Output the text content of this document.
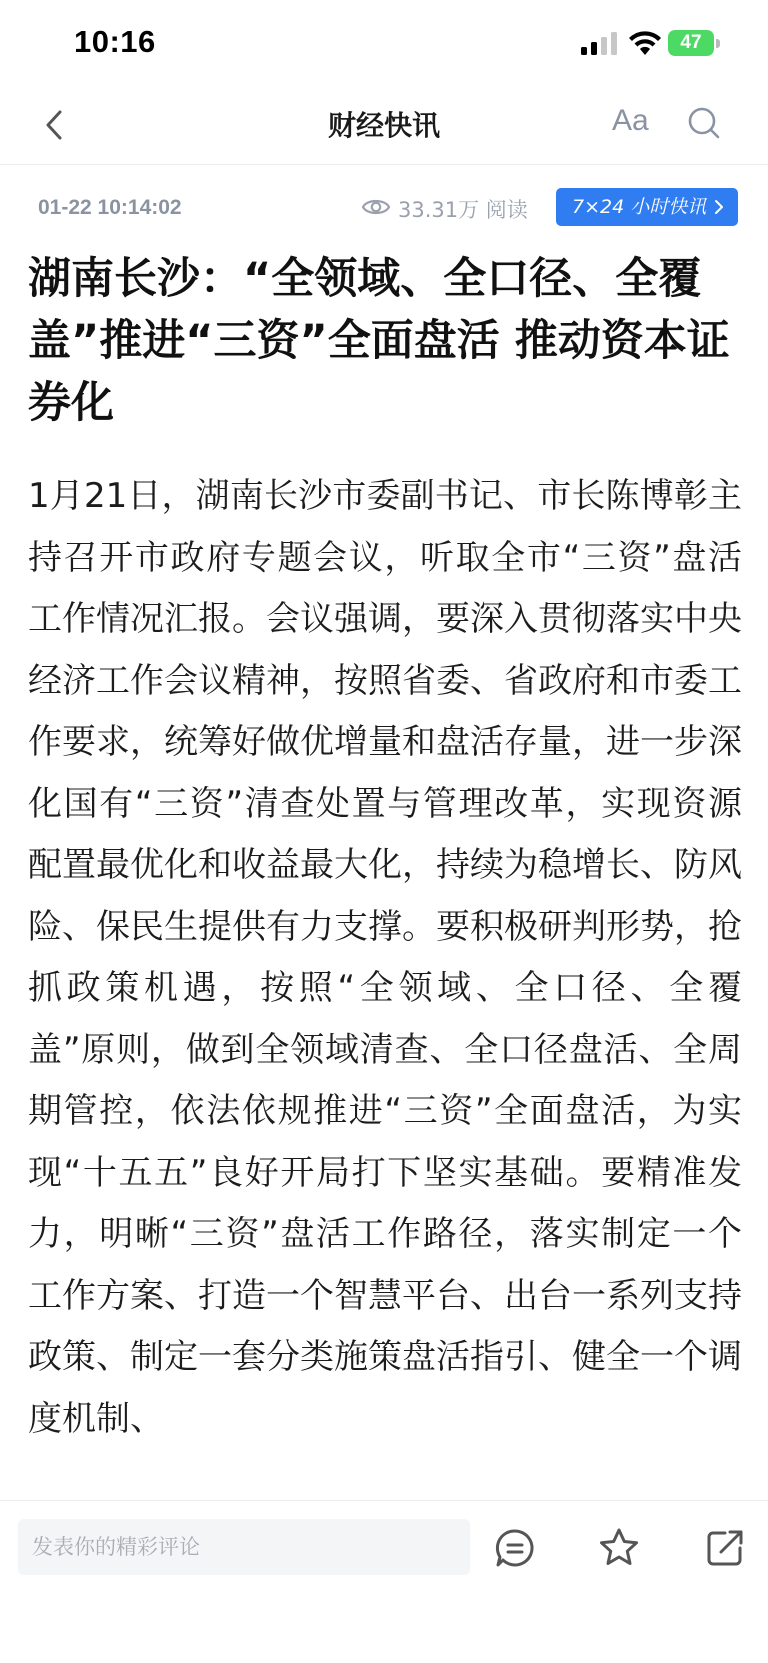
10:16	47
财经快讯	Aa
01-22 10:14:02	33.31万 阅读	7×24 小时快讯
湖南长沙：“全领域、全口径、全覆盖”推进“三资”全面盘活 推动资本证券化

1月21日，湖南长沙市委副书记、市长陈博彰主持召开市政府专题会议，听取全市“三资”盘活工作情况汇报。会议强调，要深入贯彻落实中央经济工作会议精神，按照省委、省政府和市委工作要求，统筹好做优增量和盘活存量，进一步深化国有“三资”清查处置与管理改革，实现资源配置最优化和收益最大化，持续为稳增长、防风险、保民生提供有力支撑。要积极研判形势，抢抓政策机遇，按照“全领域、全口径、全覆盖”原则，做到全领域清查、全口径盘活、全周期管控，依法依规推进“三资”全面盘活，为实现“十五五”良好开局打下坚实基础。要精准发力，明晰“三资”盘活工作路径，落实制定一个工作方案、打造一个智慧平台、出台一系列支持政策、制定一套分类施策盘活指引、健全一个调度机制、

发表你的精彩评论
